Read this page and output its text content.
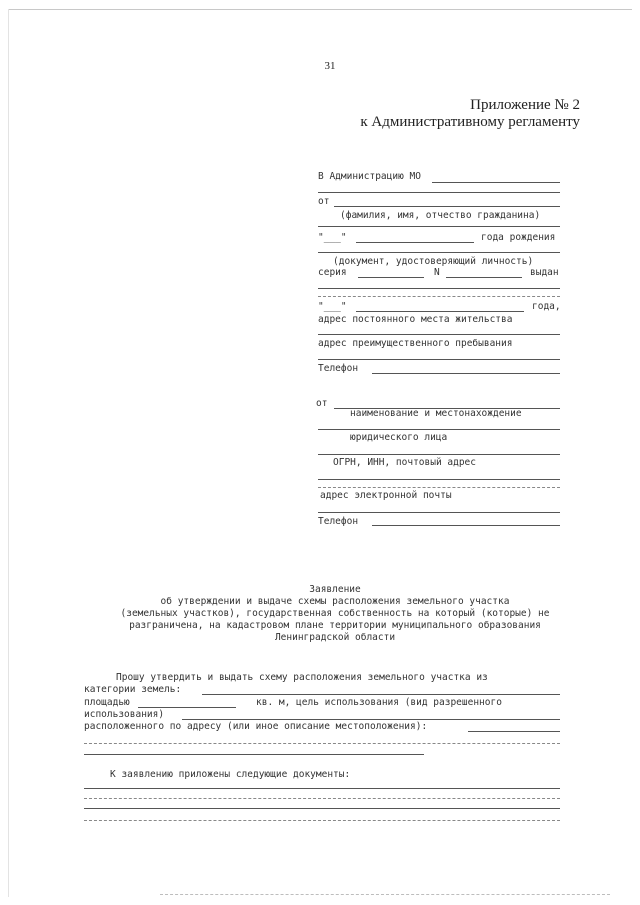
31
Приложение № 2
к Административному регламенту
В Администрацию МО
от
(фамилия, имя, отчество гражданина)
"___"	года рождения
(документ, удостоверяющий личность)
серия	N	выдан
"___"	года,
адрес постоянного места жительства
адрес преимущественного пребывания
Телефон
от
наименование и местонахождение
юридического лица
ОГРН, ИНН, почтовый адрес
адрес электронной почты
Телефон
Заявление
об утверждении и выдаче схемы расположения земельного участка
(земельных участков), государственная собственность на который (которые) не
разграничена, на кадастровом плане территории муниципального образования
Ленинградской области
Прошу утвердить и выдать схему расположения земельного участка из
категории земель:
площадью	кв. м, цель использования (вид разрешенного
использования)
расположенного по адресу (или иное описание местоположения):
К заявлению приложены следующие документы:
